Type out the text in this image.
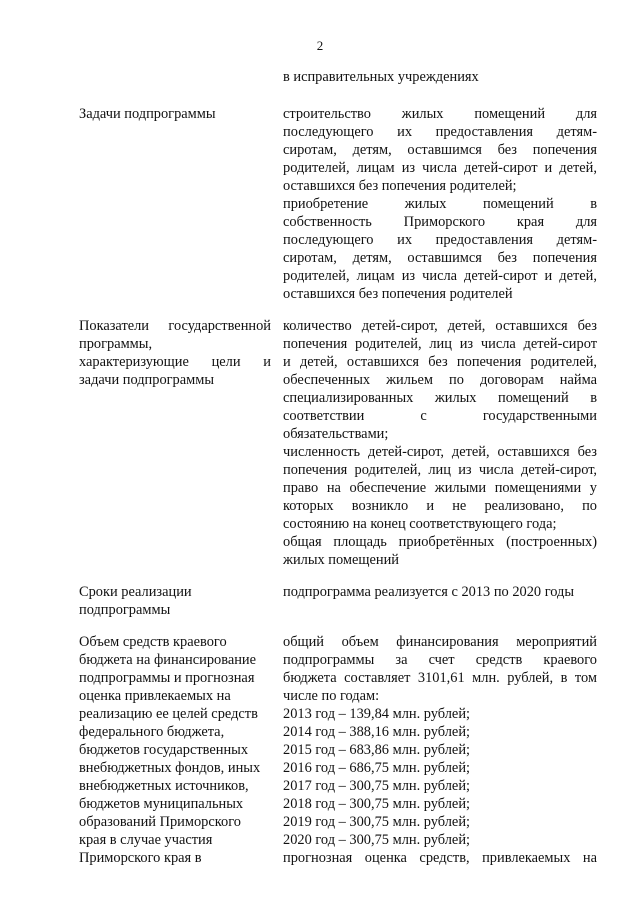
2
в исправительных учреждениях
Задачи подпрограммы	строительство жилых помещений для
последующего их предоставления детям-
сиротам, детям, оставшимся без попечения
родителей, лицам из числа детей-сирот и детей,
оставшихся без попечения родителей;
приобретение жилых помещений в
собственность Приморского края для
последующего их предоставления детям-
сиротам, детям, оставшимся без попечения
родителей, лицам из числа детей-сирот и детей,
оставшихся без попечения родителей
Показатели государственной
программы,
характеризующие цели и
задачи подпрограммы
количество детей-сирот, детей, оставшихся без
попечения родителей, лиц из числа детей-сирот
и детей, оставшихся без попечения родителей,
обеспеченных жильем по договорам найма
специализированных жилых помещений в
соответствии с государственными
обязательствами;
численность детей-сирот, детей, оставшихся без
попечения родителей, лиц из числа детей-сирот,
право на обеспечение жилыми помещениями у
которых возникло и не реализовано, по
состоянию на конец соответствующего года;
общая площадь приобретённых (построенных)
жилых помещений
Сроки реализации
подпрограммы
подпрограмма реализуется с 2013 по 2020 годы
Объем средств краевого
бюджета на финансирование
подпрограммы и прогнозная
оценка привлекаемых на
реализацию ее целей средств
федерального бюджета,
бюджетов государственных
внебюджетных фондов, иных
внебюджетных источников,
бюджетов муниципальных
образований Приморского
края в случае участия
Приморского края в
общий объем финансирования мероприятий
подпрограммы за счет средств краевого
бюджета составляет 3101,61 млн. рублей, в том
числе по годам:
2013 год – 139,84 млн. рублей;
2014 год – 388,16 млн. рублей;
2015 год – 683,86 млн. рублей;
2016 год – 686,75 млн. рублей;
2017 год – 300,75 млн. рублей;
2018 год – 300,75 млн. рублей;
2019 год – 300,75 млн. рублей;
2020 год – 300,75 млн. рублей;
прогнозная оценка средств, привлекаемых на
